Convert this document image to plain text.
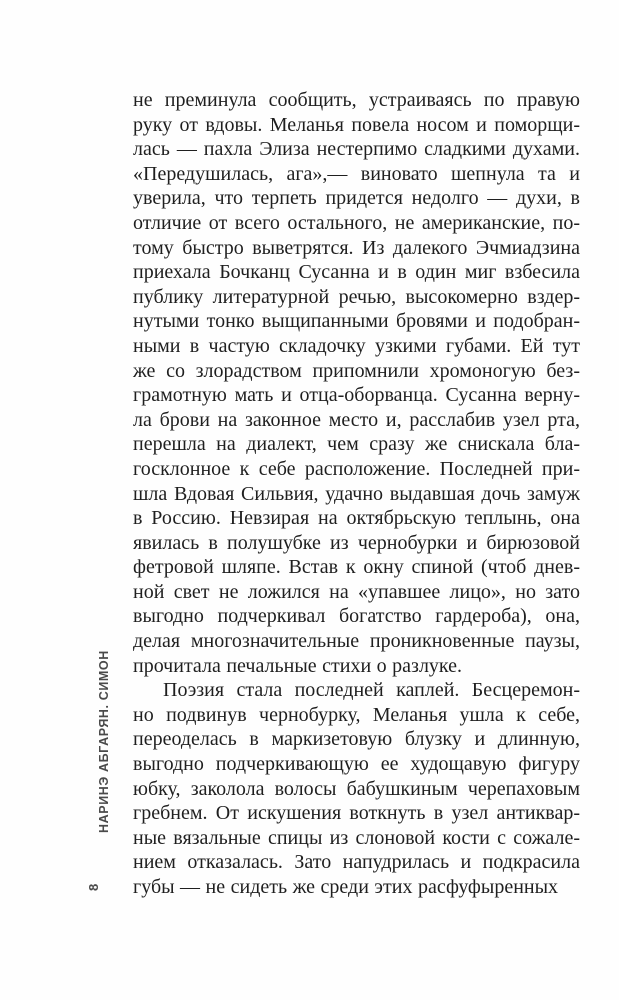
НАРИНЭ АБГАРЯН. СИМОН
8
не преминула сообщить, устраиваясь по правую
руку от вдовы. Меланья повела носом и поморщи-
лась — пахла Элиза нестерпимо сладкими духами.
«Передушилась, ага»,— виновато шепнула та и
уверила, что терпеть придется недолго — духи, в
отличие от всего остального, не американские, по-
тому быстро выветрятся. Из далекого Эчмиадзина
приехала Бочканц Сусанна и в один миг взбесила
публику литературной речью, высокомерно вздер-
нутыми тонко выщипанными бровями и подобран-
ными в частую складочку узкими губами. Ей тут
же со злорадством припомнили хромоногую без-
грамотную мать и отца-оборванца. Сусанна верну-
ла брови на законное место и, расслабив узел рта,
перешла на диалект, чем сразу же снискала бла-
госклонное к себе расположение. Последней при-
шла Вдовая Сильвия, удачно выдавшая дочь замуж
в Россию. Невзирая на октябрьскую теплынь, она
явилась в полушубке из чернобурки и бирюзовой
фетровой шляпе. Встав к окну спиной (чтоб днев-
ной свет не ложился на «упавшее лицо», но зато
выгодно подчеркивал богатство гардероба), она,
делая многозначительные проникновенные паузы,
прочитала печальные стихи о разлуке.
Поэзия стала последней каплей. Бесцеремон-
но подвинув чернобурку, Меланья ушла к себе,
переоделась в маркизетовую блузку и длинную,
выгодно подчеркивающую ее худощавую фигуру
юбку, заколола волосы бабушкиным черепаховым
гребнем. От искушения воткнуть в узел антиквар-
ные вязальные спицы из слоновой кости с сожале-
нием отказалась. Зато напудрилась и подкрасила
губы — не сидеть же среди этих расфуфыренных
